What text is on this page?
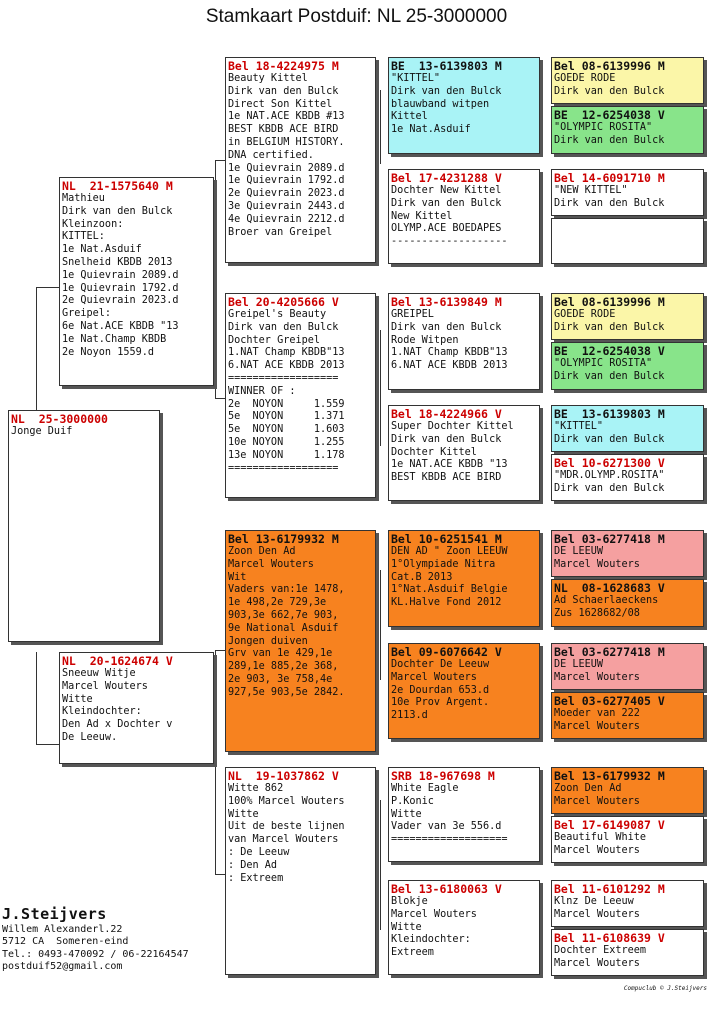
Stamkaart Postduif: NL 25-3000000
NL  25-3000000
Jonge Duif
NL  21-1575640 M
Mathieu
Dirk van den Bulck
Kleinzoon:
KITTEL:
1e Nat.Asduif
Snelheid KBDB 2013
1e Quievrain 2089.d
1e Quievrain 1792.d
2e Quievrain 2023.d
Greipel:
6e Nat.ACE KBDB "13
1e Nat.Champ KBDB
2e Noyon 1559.d
NL  20-1624674 V
Sneeuw Witje
Marcel Wouters
Witte
Kleindochter:
Den Ad x Dochter v
De Leeuw.
Bel 18-4224975 M
Beauty Kittel
Dirk van den Bulck
Direct Son Kittel
1e NAT.ACE KBDB #13
BEST KBDB ACE BIRD
in BELGIUM HISTORY.
DNA certified.
1e Quievrain 2089.d
1e Quievrain 1792.d
2e Quievrain 2023.d
3e Quievrain 2443.d
4e Quievrain 2212.d
Broer van Greipel
Bel 20-4205666 V
Greipel's Beauty
Dirk van den Bulck
Dochter Greipel
1.NAT Champ KBDB"13
6.NAT ACE KBDB 2013
==================
WINNER OF :
2e  NOYON     1.559
5e  NOYON     1.371
5e  NOYON     1.603
10e NOYON     1.255
13e NOYON     1.178
==================
Bel 13-6179932 M
Zoon Den Ad
Marcel Wouters
Wit
Vaders van:1e 1478,
1e 498,2e 729,3e
903,3e 662,7e 903,
9e National Asduif
Jongen duiven
Grv van 1e 429,1e
289,1e 885,2e 368,
2e 903, 3e 758,4e
927,5e 903,5e 2842.
NL  19-1037862 V
Witte 862
100% Marcel Wouters
Witte
Uit de beste lijnen
van Marcel Wouters
: De Leeuw
: Den Ad
: Extreem
BE  13-6139803 M
"KITTEL"
Dirk van den Bulck
blauwband witpen
Kittel
1e Nat.Asduif
Bel 17-4231288 V
Dochter New Kittel
Dirk van den Bulck
New Kittel
OLYMP.ACE BOEDAPES
-------------------
Bel 13-6139849 M
GREIPEL
Dirk van den Bulck
Rode Witpen
1.NAT Champ KBDB"13
6.NAT ACE KBDB 2013
Bel 18-4224966 V
Super Dochter Kittel
Dirk van den Bulck
Dochter Kittel
1e NAT.ACE KBDB "13
BEST KBDB ACE BIRD
Bel 10-6251541 M
DEN AD " Zoon LEEUW
1°Olympiade Nitra
Cat.B 2013
1°Nat.Asduif Belgie
KL.Halve Fond 2012
Bel 09-6076642 V
Dochter De Leeuw
Marcel Wouters
2e Dourdan 653.d
10e Prov Argent.
2113.d
SRB 18-967698 M
White Eagle
P.Konic
Witte
Vader van 3e 556.d
===================
Bel 13-6180063 V
Blokje
Marcel Wouters
Witte
Kleindochter:
Extreem
Bel 08-6139996 M
GOEDE RODE
Dirk van den Bulck
BE  12-6254038 V
"OLYMPIC ROSITA"
Dirk van den Bulck
Bel 14-6091710 M
"NEW KITTEL"
Dirk van den Bulck
Bel 08-6139996 M
GOEDE RODE
Dirk van den Bulck
BE  12-6254038 V
"OLYMPIC ROSITA"
Dirk van den Bulck
BE  13-6139803 M
"KITTEL"
Dirk van den Bulck
Bel 10-6271300 V
"MDR.OLYMP.ROSITA"
Dirk van den Bulck
Bel 03-6277418 M
DE LEEUW
Marcel Wouters
NL  08-1628683 V
Ad Schaerlaeckens
Zus 1628682/08
Bel 03-6277418 M
DE LEEUW
Marcel Wouters
Bel 03-6277405 V
Moeder van 222
Marcel Wouters
Bel 13-6179932 M
Zoon Den Ad
Marcel Wouters
Bel 17-6149087 V
Beautiful White
Marcel Wouters
Bel 11-6101292 M
Klnz De Leeuw
Marcel Wouters
Bel 11-6108639 V
Dochter Extreem
Marcel Wouters
J.Steijvers
Willem Alexanderl.22
5712 CA  Someren-eind
Tel.: 0493-470092 / 06-22164547
postduif52@gmail.com
Compuclub © J.Steijvers
